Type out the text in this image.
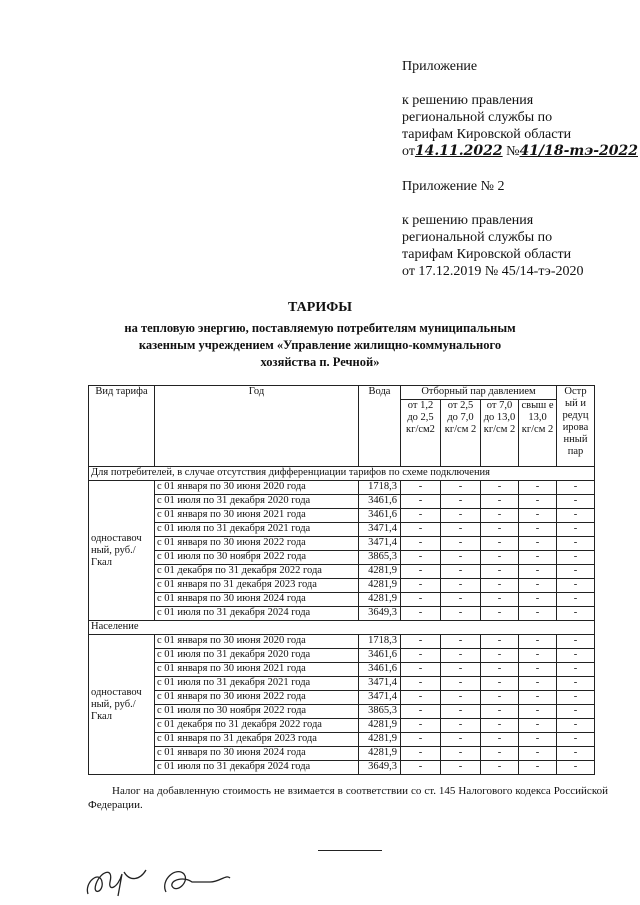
Приложение
к решению правления
региональной службы по
тарифам Кировской области
от14.11.2022 №41/18-тэ-2022
Приложение № 2
к решению правления
региональной службы по
тарифам Кировской области
от 17.12.2019 № 45/14-тэ-2020
ТАРИФЫ
на тепловую энергию, поставляемую потребителям муниципальным
казенным учреждением «Управление жилищно-коммунального
хозяйства п. Речной»
Вид тарифа	Год	Вода	Отборный пар давлением				Остр ый и редуц ирова нный пар
			от 1,2 до 2,5 кг/см2	от 2,5 до 7,0 кг/см 2	от 7,0 до 13,0 кг/см 2	свыш е 13,0 кг/см 2	
Для потребителей, в случае отсутствия дифференциации тарифов по схеме подключения							
одноставоч ный, руб./Гкал	с 01 января по 30 июня 2020 года	1718,3	-	-	-	-	-
	с 01 июля по 31 декабря 2020 года	3461,6	-	-	-	-	-
	с 01 января по 30 июня 2021 года	3461,6	-	-	-	-	-
	с 01 июля по 31 декабря 2021 года	3471,4	-	-	-	-	-
	с 01 января по 30 июня 2022 года	3471,4	-	-	-	-	-
	с 01 июля по 30 ноября 2022 года	3865,3	-	-	-	-	-
	с 01 декабря по 31 декабря 2022 года	4281,9	-	-	-	-	-
	с 01 января по 31 декабря 2023 года	4281,9	-	-	-	-	-
	с 01 января по 30 июня 2024 года	4281,9	-	-	-	-	-
	с 01 июля по 31 декабря 2024 года	3649,3	-	-	-	-	-
Население							
одноставоч ный, руб./Гкал	с 01 января по 30 июня 2020 года	1718,3	-	-	-	-	-
	с 01 июля по 31 декабря 2020 года	3461,6	-	-	-	-	-
	с 01 января по 30 июня 2021 года	3461,6	-	-	-	-	-
	с 01 июля по 31 декабря 2021 года	3471,4	-	-	-	-	-
	с 01 января по 30 июня 2022 года	3471,4	-	-	-	-	-
	с 01 июля по 30 ноября 2022 года	3865,3	-	-	-	-	-
	с 01 декабря по 31 декабря 2022 года	4281,9	-	-	-	-	-
	с 01 января по 31 декабря 2023 года	4281,9	-	-	-	-	-
	с 01 января по 30 июня 2024 года	4281,9	-	-	-	-	-
	с 01 июля по 31 декабря 2024 года	3649,3	-	-	-	-	-
Налог на добавленную стоимость не взимается в соответствии со ст. 145 Налогового кодекса Российской Федерации.
